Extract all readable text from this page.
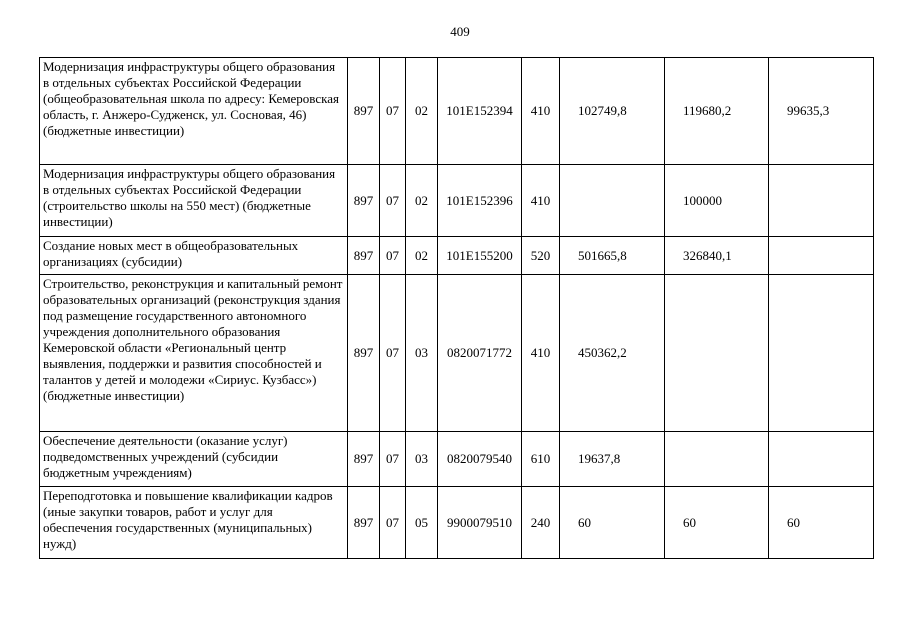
409
Модернизация инфраструктуры общего образования в отдельных субъектах Российской Федерации (общеобразовательная школа по адресу: Кемеровская область, г. Анжеро-Судженск, ул. Сосновая, 46) (бюджетные инвестиции)	897	07	02	101Е152394	410	102749,8	119680,2	99635,3
Модернизация инфраструктуры общего образования в отдельных субъектах Российской Федерации (строительство школы на 550 мест) (бюджетные инвестиции)	897	07	02	101Е152396	410		100000	
Создание новых мест в общеобразовательных организациях (субсидии)	897	07	02	101Е155200	520	501665,8	326840,1	
Строительство, реконструкция и капитальный ремонт образовательных организаций (реконструкция здания под размещение государственного автономного учреждения дополнительного образования Кемеровской области «Региональный центр выявления, поддержки и развития способностей и талантов у детей и молодежи «Сириус. Кузбасс») (бюджетные инвестиции)	897	07	03	0820071772	410	450362,2		
Обеспечение деятельности (оказание услуг) подведомственных учреждений (субсидии бюджетным учреждениям)	897	07	03	0820079540	610	19637,8		
Переподготовка и повышение квалификации кадров (иные закупки товаров, работ и услуг для обеспечения государственных (муниципальных) нужд)	897	07	05	9900079510	240	60	60	60
